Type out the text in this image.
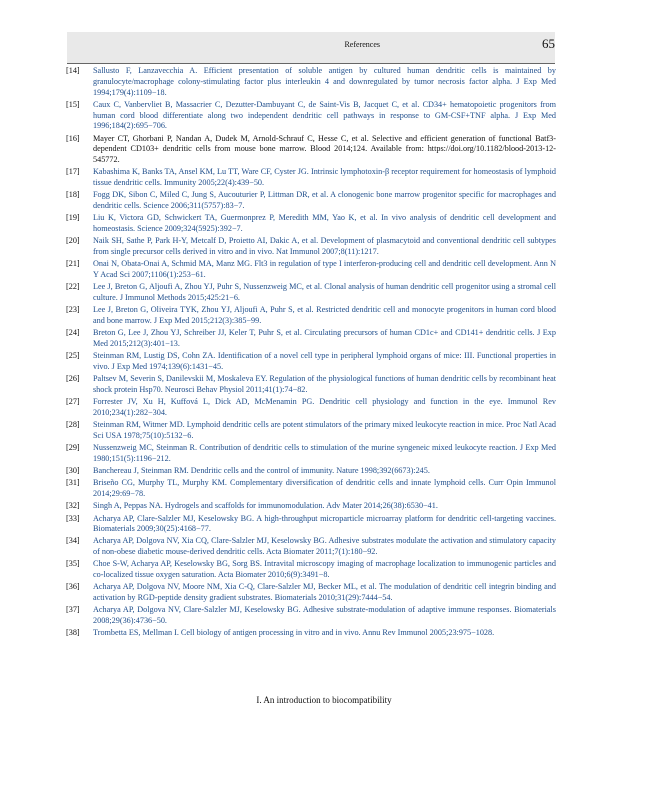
References	65
[14] Sallusto F, Lanzavecchia A. Efficient presentation of soluble antigen by cultured human dendritic cells is maintained by granulocyte/macrophage colony-stimulating factor plus interleukin 4 and downregulated by tumor necrosis factor alpha. J Exp Med 1994;179(4):1109−18.
[15] Caux C, Vanbervliet B, Massacrier C, Dezutter-Dambuyant C, de Saint-Vis B, Jacquet C, et al. CD34+ hematopoietic progenitors from human cord blood differentiate along two independent dendritic cell pathways in response to GM-CSF+TNF alpha. J Exp Med 1996;184(2):695−706.
[16] Mayer CT, Ghorbani P, Nandan A, Dudek M, Arnold-Schrauf C, Hesse C, et al. Selective and efficient generation of functional Batf3-dependent CD103+ dendritic cells from mouse bone marrow. Blood 2014;124. Available from: https://doi.org/10.1182/blood-2013-12-545772.
[17] Kabashima K, Banks TA, Ansel KM, Lu TT, Ware CF, Cyster JG. Intrinsic lymphotoxin-β receptor requirement for homeostasis of lymphoid tissue dendritic cells. Immunity 2005;22(4):439−50.
[18] Fogg DK, Sibon C, Miled C, Jung S, Aucouturier P, Littman DR, et al. A clonogenic bone marrow progenitor specific for macrophages and dendritic cells. Science 2006;311(5757):83−7.
[19] Liu K, Victora GD, Schwickert TA, Guermonprez P, Meredith MM, Yao K, et al. In vivo analysis of dendritic cell development and homeostasis. Science 2009;324(5925):392−7.
[20] Naik SH, Sathe P, Park H-Y, Metcalf D, Proietto AI, Dakic A, et al. Development of plasmacytoid and conventional dendritic cell subtypes from single precursor cells derived in vitro and in vivo. Nat Immunol 2007;8(11):1217.
[21] Onai N, Obata-Onai A, Schmid MA, Manz MG. Flt3 in regulation of type I interferon-producing cell and dendritic cell development. Ann N Y Acad Sci 2007;1106(1):253−61.
[22] Lee J, Breton G, Aljoufi A, Zhou YJ, Puhr S, Nussenzweig MC, et al. Clonal analysis of human dendritic cell progenitor using a stromal cell culture. J Immunol Methods 2015;425:21−6.
[23] Lee J, Breton G, Oliveira TYK, Zhou YJ, Aljoufi A, Puhr S, et al. Restricted dendritic cell and monocyte progenitors in human cord blood and bone marrow. J Exp Med 2015;212(3):385−99.
[24] Breton G, Lee J, Zhou YJ, Schreiber JJ, Keler T, Puhr S, et al. Circulating precursors of human CD1c+ and CD141+ dendritic cells. J Exp Med 2015;212(3):401−13.
[25] Steinman RM, Lustig DS, Cohn ZA. Identification of a novel cell type in peripheral lymphoid organs of mice: III. Functional properties in vivo. J Exp Med 1974;139(6):1431−45.
[26] Paltsev M, Severin S, Danilevskii M, Moskaleva EY. Regulation of the physiological functions of human dendritic cells by recombinant heat shock protein Hsp70. Neurosci Behav Physiol 2011;41(1):74−82.
[27] Forrester JV, Xu H, Kuffová L, Dick AD, McMenamin PG. Dendritic cell physiology and function in the eye. Immunol Rev 2010;234(1):282−304.
[28] Steinman RM, Witmer MD. Lymphoid dendritic cells are potent stimulators of the primary mixed leukocyte reaction in mice. Proc Natl Acad Sci USA 1978;75(10):5132−6.
[29] Nussenzweig MC, Steinman R. Contribution of dendritic cells to stimulation of the murine syngeneic mixed leukocyte reaction. J Exp Med 1980;151(5):1196−212.
[30] Banchereau J, Steinman RM. Dendritic cells and the control of immunity. Nature 1998;392(6673):245.
[31] Briseño CG, Murphy TL, Murphy KM. Complementary diversification of dendritic cells and innate lymphoid cells. Curr Opin Immunol 2014;29:69−78.
[32] Singh A, Peppas NA. Hydrogels and scaffolds for immunomodulation. Adv Mater 2014;26(38):6530−41.
[33] Acharya AP, Clare-Salzler MJ, Keselowsky BG. A high-throughput microparticle microarray platform for dendritic cell-targeting vaccines. Biomaterials 2009;30(25):4168−77.
[34] Acharya AP, Dolgova NV, Xia CQ, Clare-Salzler MJ, Keselowsky BG. Adhesive substrates modulate the activation and stimulatory capacity of non-obese diabetic mouse-derived dendritic cells. Acta Biomater 2011;7(1):180−92.
[35] Choe S-W, Acharya AP, Keselowsky BG, Sorg BS. Intravital microscopy imaging of macrophage localization to immunogenic particles and co-localized tissue oxygen saturation. Acta Biomater 2010;6(9):3491−8.
[36] Acharya AP, Dolgova NV, Moore NM, Xia C-Q, Clare-Salzler MJ, Becker ML, et al. The modulation of dendritic cell integrin binding and activation by RGD-peptide density gradient substrates. Biomaterials 2010;31(29):7444−54.
[37] Acharya AP, Dolgova NV, Clare-Salzler MJ, Keselowsky BG. Adhesive substrate-modulation of adaptive immune responses. Biomaterials 2008;29(36):4736−50.
[38] Trombetta ES, Mellman I. Cell biology of antigen processing in vitro and in vivo. Annu Rev Immunol 2005;23:975−1028.
I. An introduction to biocompatibility
